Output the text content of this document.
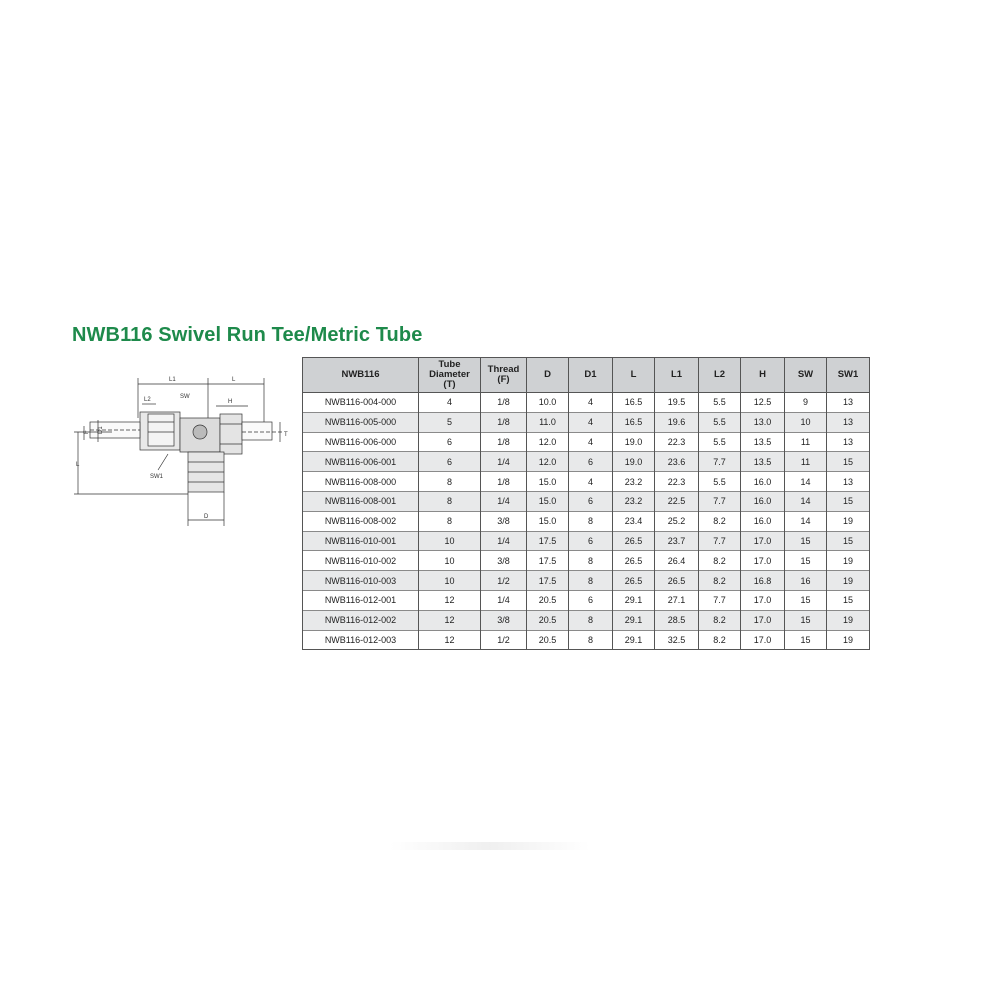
NWB116 Swivel Run Tee/Metric Tube
L1	L
L2	SW
H
D1
F	T
L
SW1
D
NWB116	Tube
Diameter
(T)	Thread
(F)	D	D1	L	L1	L2	H	SW	SW1
NWB116-004-000	4	1/8	10.0	4	16.5	19.5	5.5	12.5	9	13
NWB116-005-000	5	1/8	11.0	4	16.5	19.6	5.5	13.0	10	13
NWB116-006-000	6	1/8	12.0	4	19.0	22.3	5.5	13.5	11	13
NWB116-006-001	6	1/4	12.0	6	19.0	23.6	7.7	13.5	11	15
NWB116-008-000	8	1/8	15.0	4	23.2	22.3	5.5	16.0	14	13
NWB116-008-001	8	1/4	15.0	6	23.2	22.5	7.7	16.0	14	15
NWB116-008-002	8	3/8	15.0	8	23.4	25.2	8.2	16.0	14	19
NWB116-010-001	10	1/4	17.5	6	26.5	23.7	7.7	17.0	15	15
NWB116-010-002	10	3/8	17.5	8	26.5	26.4	8.2	17.0	15	19
NWB116-010-003	10	1/2	17.5	8	26.5	26.5	8.2	16.8	16	19
NWB116-012-001	12	1/4	20.5	6	29.1	27.1	7.7	17.0	15	15
NWB116-012-002	12	3/8	20.5	8	29.1	28.5	8.2	17.0	15	19
NWB116-012-003	12	1/2	20.5	8	29.1	32.5	8.2	17.0	15	19
